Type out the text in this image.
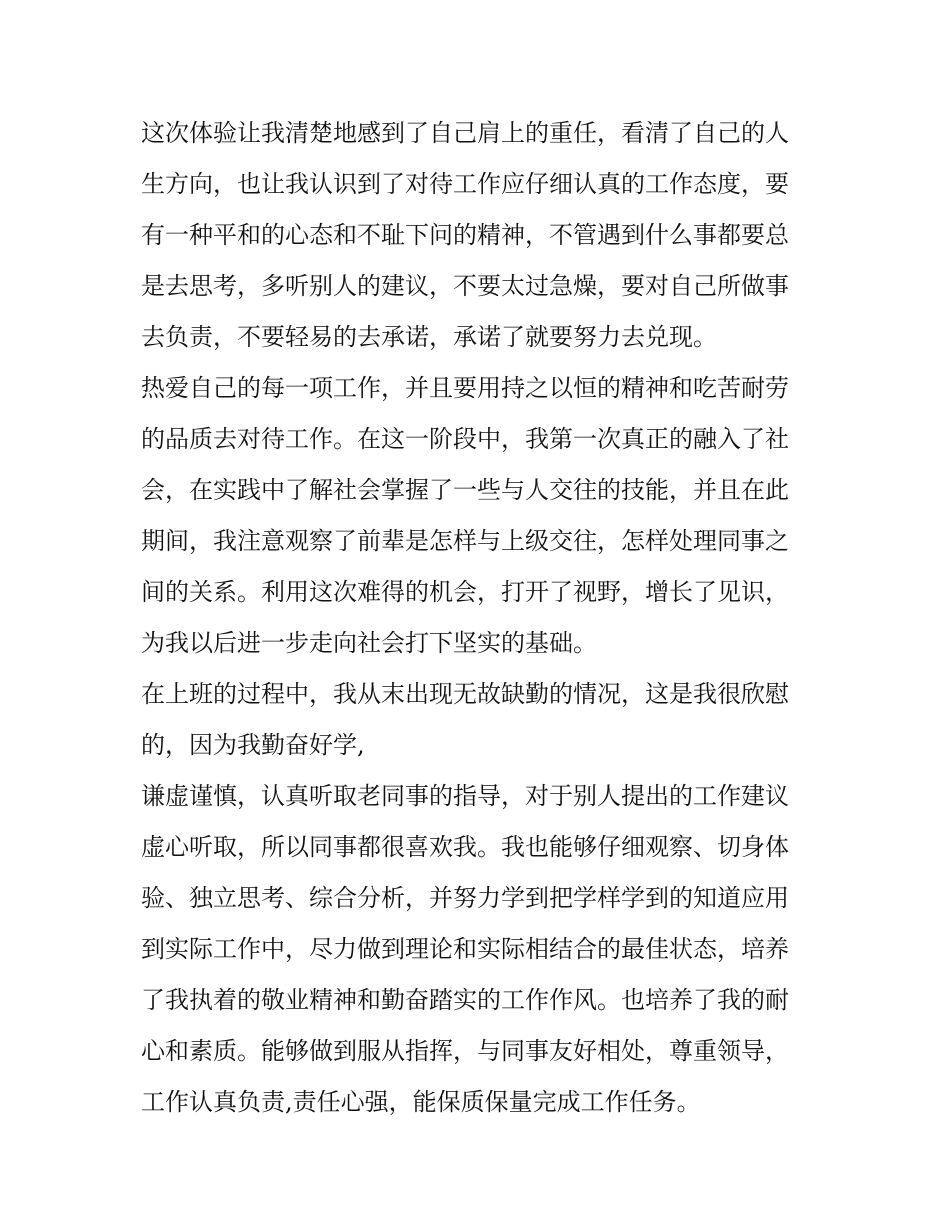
这次体验让我清楚地感到了自己肩上的重任，看清了自己的人
生方向，也让我认识到了对待工作应仔细认真的工作态度，要
有一种平和的心态和不耻下问的精神，不管遇到什么事都要总
是去思考，多听别人的建议，不要太过急燥，要对自己所做事
去负责，不要轻易的去承诺，承诺了就要努力去兑现。
热爱自己的每一项工作，并且要用持之以恒的精神和吃苦耐劳
的品质去对待工作。在这一阶段中，我第一次真正的融入了社
会，在实践中了解社会掌握了一些与人交往的技能，并且在此
期间，我注意观察了前辈是怎样与上级交往，怎样处理同事之
间的关系。利用这次难得的机会，打开了视野，增长了见识，
为我以后进一步走向社会打下坚实的基础。
在上班的过程中，我从末出现无故缺勤的情况，这是我很欣慰
的，因为我勤奋好学,
谦虚谨慎，认真听取老同事的指导，对于别人提出的工作建议
虚心听取，所以同事都很喜欢我。我也能够仔细观察、切身体
验、独立思考、综合分析，并努力学到把学样学到的知道应用
到实际工作中，尽力做到理论和实际相结合的最佳状态，培养
了我执着的敬业精神和勤奋踏实的工作作风。也培养了我的耐
心和素质。能够做到服从指挥，与同事友好相处，尊重领导，
工作认真负责,责任心强，能保质保量完成工作任务。
